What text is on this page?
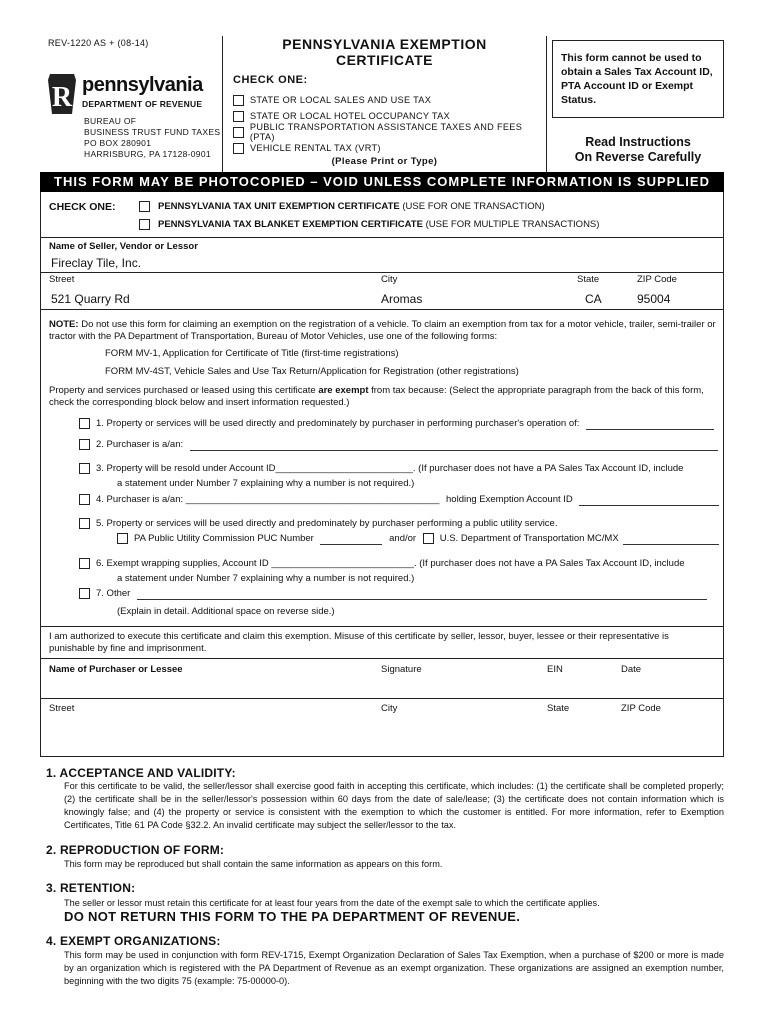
REV-1220 AS + (08-14)
R pennsylvania
DEPARTMENT OF REVENUE
BUREAU OF
BUSINESS TRUST FUND TAXES
PO BOX 280901
HARRISBURG, PA 17128-0901
PENNSYLVANIA EXEMPTION
CERTIFICATE
CHECK ONE:
STATE OR LOCAL SALES AND USE TAX
STATE OR LOCAL HOTEL OCCUPANCY TAX
PUBLIC TRANSPORTATION ASSISTANCE TAXES AND FEES (PTA)
VEHICLE RENTAL TAX (VRT)
(Please Print or Type)
This form cannot be used to obtain a Sales Tax Account ID, PTA Account ID or Exempt Status.
Read Instructions
On Reverse Carefully
THIS FORM MAY BE PHOTOCOPIED – VOID UNLESS COMPLETE INFORMATION IS SUPPLIED
CHECK ONE:	PENNSYLVANIA TAX UNIT EXEMPTION CERTIFICATE (USE FOR ONE TRANSACTION)
PENNSYLVANIA TAX BLANKET EXEMPTION CERTIFICATE (USE FOR MULTIPLE TRANSACTIONS)
Name of Seller, Vendor or Lessor
Fireclay Tile, Inc.
Street	City	State	ZIP Code
521 Quarry Rd	Aromas	CA	95004
NOTE: Do not use this form for claiming an exemption on the registration of a vehicle. To claim an exemption from tax for a motor vehicle, trailer, semi-trailer or tractor with the PA Department of Transportation, Bureau of Motor Vehicles, use one of the following forms:
FORM MV-1, Application for Certificate of Title (first-time registrations)
FORM MV-4ST, Vehicle Sales and Use Tax Return/Application for Registration (other registrations)
Property and services purchased or leased using this certificate are exempt from tax because: (Select the appropriate paragraph from the back of this form, check the corresponding block below and insert information requested.)
1. Property or services will be used directly and predominately by purchaser in performing purchaser's operation of:
2. Purchaser is a/an:
3. Property will be resold under Account ID__________________________. (If purchaser does not have a PA Sales Tax Account ID, include
a statement under Number 7 explaining why a number is not required.)
4. Purchaser is a/an: ________________________________________________ holding Exemption Account ID
5. Property or services will be used directly and predominately by purchaser performing a public utility service.
PA Public Utility Commission PUC Number	and/or U.S. Department of Transportation MC/MX
6. Exempt wrapping supplies, Account ID ___________________________. (If purchaser does not have a PA Sales Tax Account ID, include
a statement under Number 7 explaining why a number is not required.)
7. Other
(Explain in detail. Additional space on reverse side.)
I am authorized to execute this certificate and claim this exemption. Misuse of this certificate by seller, lessor, buyer, lessee or their representative is punishable by fine and imprisonment.
Name of Purchaser or Lessee	Signature	EIN	Date
Street	City	State	ZIP Code
1. ACCEPTANCE AND VALIDITY:
For this certificate to be valid, the seller/lessor shall exercise good faith in accepting this certificate, which includes: (1) the certificate shall be completed properly; (2) the certificate shall be in the seller/lessor's possession within 60 days from the date of sale/lease; (3) the certificate does not contain information which is knowingly false; and (4) the property or service is consistent with the exemption to which the customer is entitled. For more information, refer to Exemption Certificates, Title 61 PA Code §32.2. An invalid certificate may subject the seller/lessor to the tax.
2. REPRODUCTION OF FORM:
This form may be reproduced but shall contain the same information as appears on this form.
3. RETENTION:
The seller or lessor must retain this certificate for at least four years from the date of the exempt sale to which the certificate applies.
DO NOT RETURN THIS FORM TO THE PA DEPARTMENT OF REVENUE.
4. EXEMPT ORGANIZATIONS:
This form may be used in conjunction with form REV-1715, Exempt Organization Declaration of Sales Tax Exemption, when a purchase of $200 or more is made by an organization which is registered with the PA Department of Revenue as an exempt organization. These organizations are assigned an exemption number, beginning with the two digits 75 (example: 75-00000-0).
